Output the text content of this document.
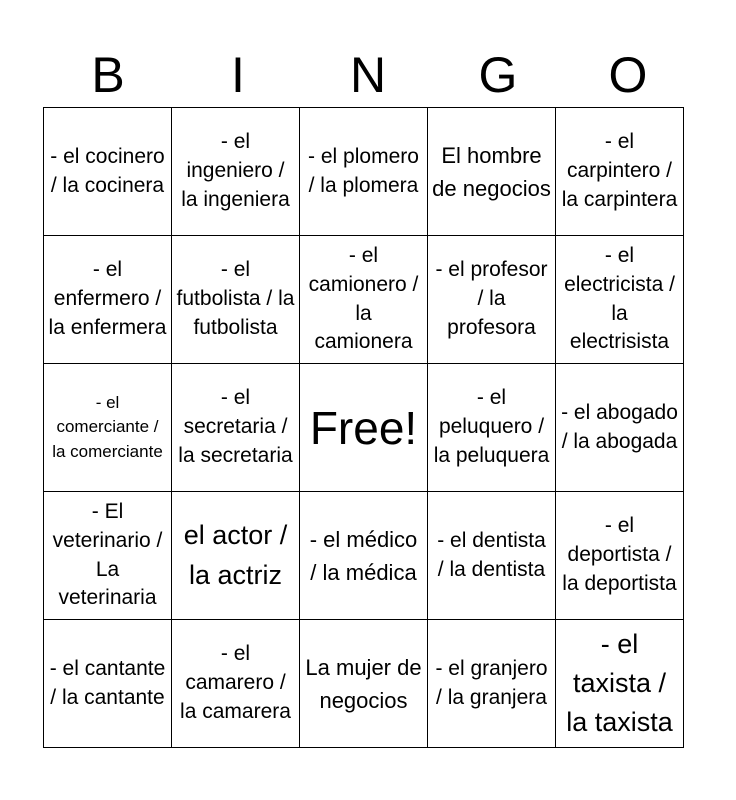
B	I	N	G	O
- el cocinero / la cocinera	- el ingeniero / la ingeniera	- el plomero / la plomera	El hombre de negocios	- el carpintero / la carpintera

- el enfermero / la enfermera	- el futbolista / la futbolista	- el camionero / la camionera	- el profesor / la profesora	- el electricista / la electrisista

- el comerciante / la comerciante	- el secretaria / la secretaria	Free!	- el peluquero / la peluquera	- el abogado / la abogada

- El veterinario / La veterinaria	el actor / la actriz	- el médico / la médica	- el dentista / la dentista	- el deportista / la deportista

- el cantante / la cantante	- el camarero / la camarera	La mujer de negocios	- el granjero / la granjera	- el taxista / la taxista
